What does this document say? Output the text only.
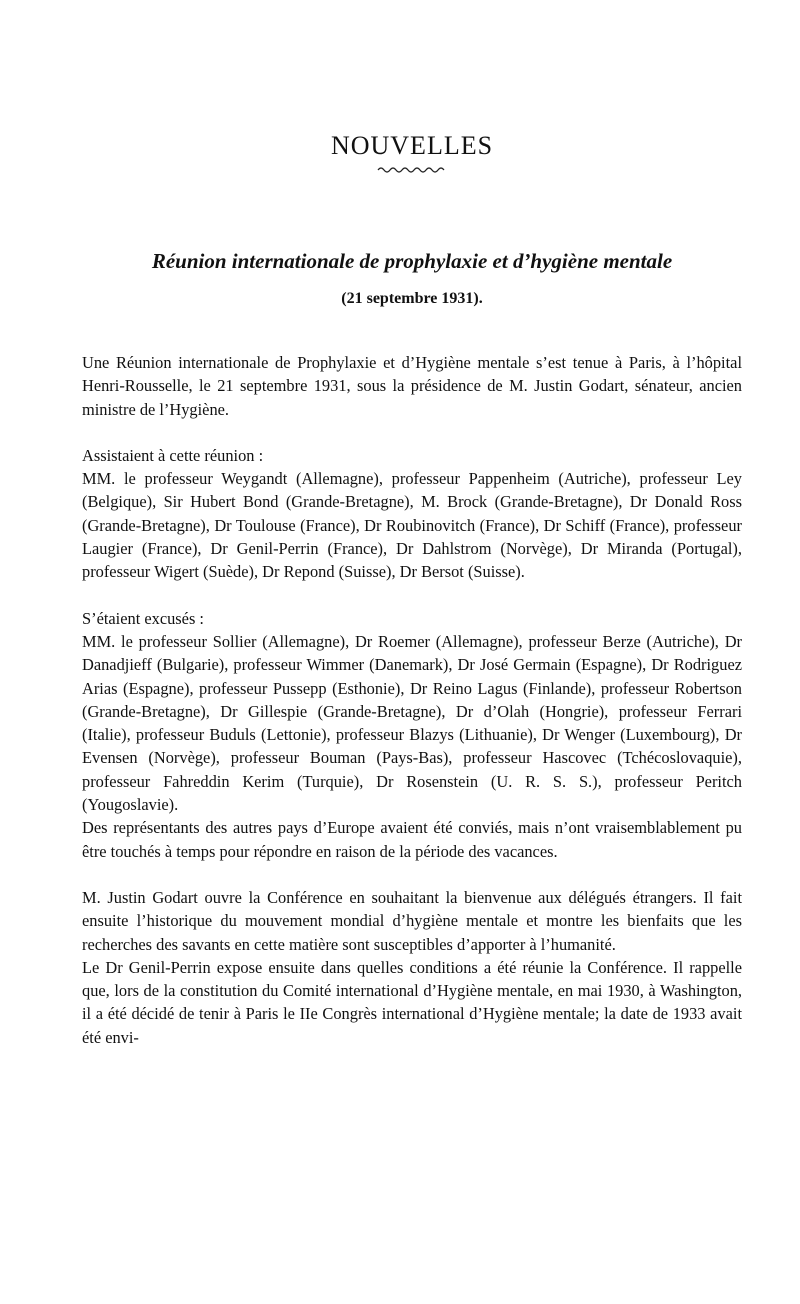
NOUVELLES
Réunion internationale de prophylaxie et d’hygiène mentale
(21 septembre 1931).

Une Réunion internationale de Prophylaxie et d’Hygiène mentale s’est tenue à Paris, à l’hôpital Henri-Rousselle, le 21 septembre 1931, sous la présidence de M. Justin Godart, sénateur, ancien ministre de l’Hygiène.

Assistaient à cette réunion :

MM. le professeur Weygandt (Allemagne), professeur Pappenheim (Autriche), professeur Ley (Belgique), Sir Hubert Bond (Grande-Bretagne), M. Brock (Grande-Bretagne), Dr Donald Ross (Grande-Bretagne), Dr Toulouse (France), Dr Roubinovitch (France), Dr Schiff (France), professeur Laugier (France), Dr Genil-Perrin (France), Dr Dahlstrom (Norvège), Dr Miranda (Portugal), professeur Wigert (Suède), Dr Repond (Suisse), Dr Bersot (Suisse).

S’étaient excusés :

MM. le professeur Sollier (Allemagne), Dr Roemer (Allemagne), professeur Berze (Autriche), Dr Danadjieff (Bulgarie), professeur Wimmer (Danemark), Dr José Germain (Espagne), Dr Rodriguez Arias (Espagne), professeur Pussepp (Esthonie), Dr Reino Lagus (Finlande), professeur Robertson (Grande-Bretagne), Dr Gillespie (Grande-Bretagne), Dr d’Olah (Hongrie), professeur Ferrari (Italie), professeur Buduls (Lettonie), professeur Blazys (Lithuanie), Dr Wenger (Luxembourg), Dr Evensen (Norvège), professeur Bouman (Pays-Bas), professeur Hascovec (Tchécoslovaquie), professeur Fahreddin Kerim (Turquie), Dr Rosenstein (U. R. S. S.), professeur Peritch (Yougoslavie).

Des représentants des autres pays d’Europe avaient été conviés, mais n’ont vraisemblablement pu être touchés à temps pour répondre en raison de la période des vacances.

M. Justin Godart ouvre la Conférence en souhaitant la bienvenue aux délégués étrangers. Il fait ensuite l’historique du mouvement mondial d’hygiène mentale et montre les bienfaits que les recherches des savants en cette matière sont susceptibles d’apporter à l’humanité.

Le Dr Genil-Perrin expose ensuite dans quelles conditions a été réunie la Conférence. Il rappelle que, lors de la constitution du Comité international d’Hygiène mentale, en mai 1930, à Washington, il a été décidé de tenir à Paris le IIe Congrès international d’Hygiène mentale; la date de 1933 avait été envi-
